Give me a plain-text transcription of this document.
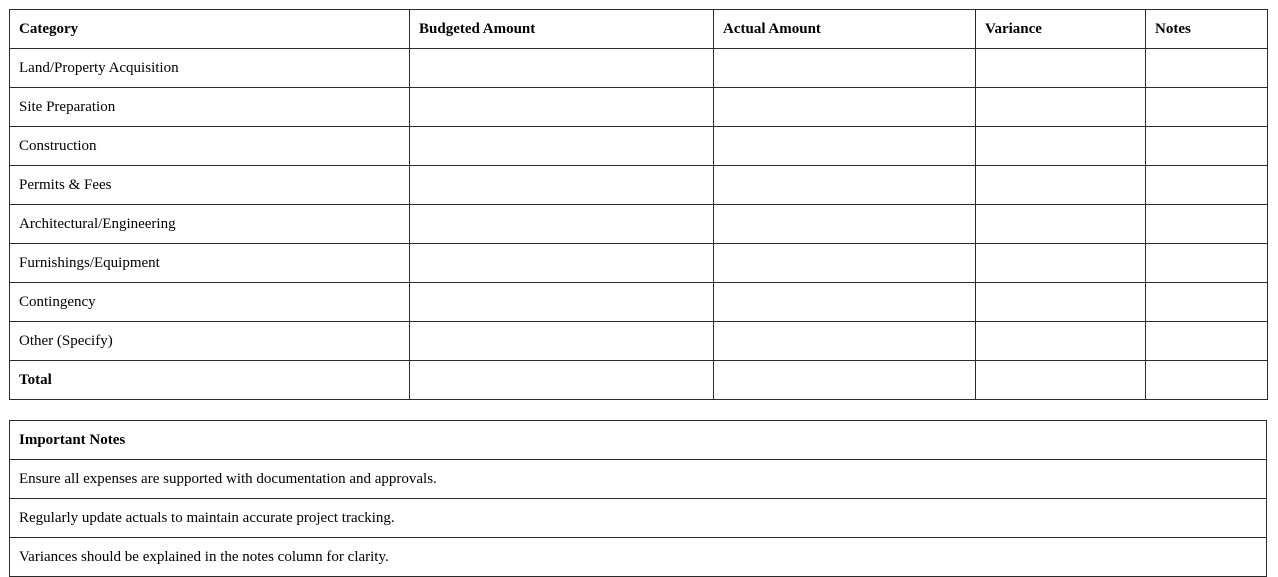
Category	Budgeted Amount	Actual Amount	Variance	Notes

Land/Property Acquisition				

Site Preparation				

Construction				

Permits & Fees				

Architectural/Engineering				

Furnishings/Equipment				

Contingency				

Other (Specify)				

Total				

Important Notes

Ensure all expenses are supported with documentation and approvals.

Regularly update actuals to maintain accurate project tracking.

Variances should be explained in the notes column for clarity.
